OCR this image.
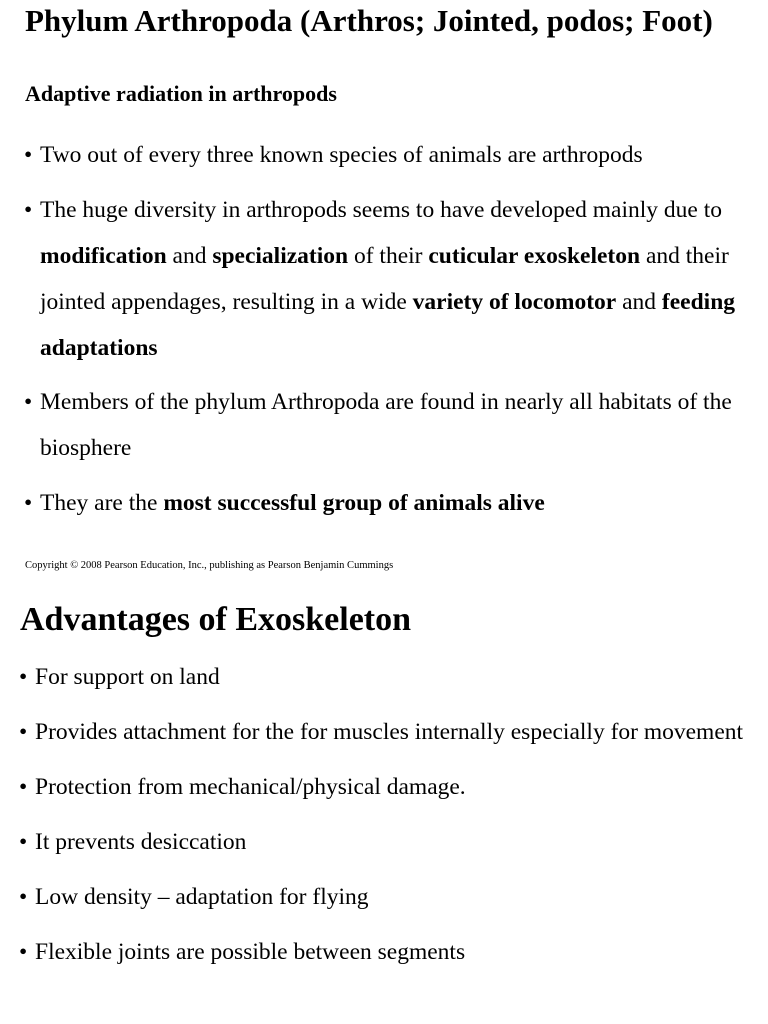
Phylum Arthropoda (Arthros; Jointed, podos; Foot)
Adaptive radiation in arthropods
• Two out of every three known species of animals are arthropods
• The huge diversity in arthropods seems to have developed mainly due to modification and specialization of their cuticular exoskeleton and their jointed appendages, resulting in a wide variety of locomotor and feeding adaptations
• Members of the phylum Arthropoda are found in nearly all habitats of the biosphere
• They are the most successful group of animals alive
Copyright © 2008 Pearson Education, Inc., publishing as Pearson Benjamin Cummings
Advantages of Exoskeleton
• For support on land
• Provides attachment for the for muscles internally especially for movement
• Protection from mechanical/physical damage.
• It prevents desiccation
• Low density – adaptation for flying
• Flexible joints are possible between segments
